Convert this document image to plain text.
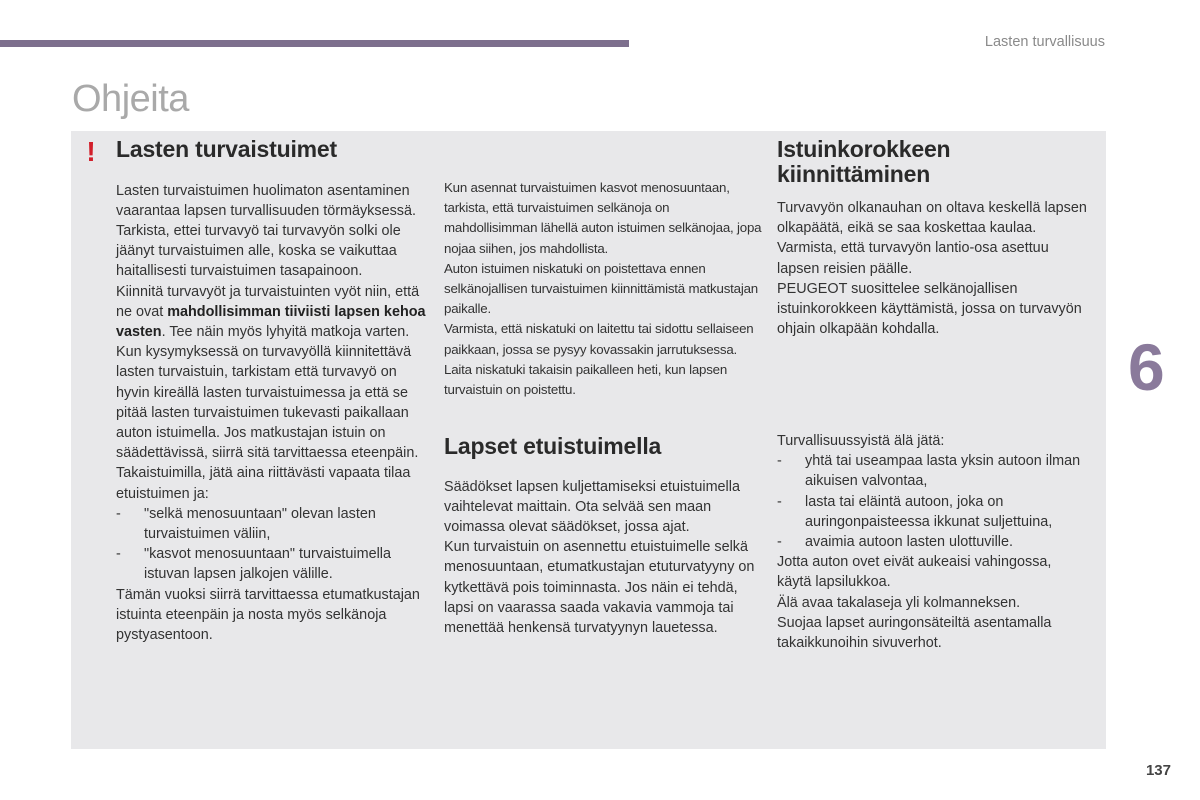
Lasten turvallisuus
Ohjeita
! Lasten turvaistuimet

Lasten turvaistuimen huolimaton asentaminen vaarantaa lapsen turvallisuuden törmäyksessä.

Tarkista, ettei turvavyö tai turvavyön solki ole jäänyt turvaistuimen alle, koska se vaikuttaa haitallisesti turvaistuimen tasapainoon.

Kiinnitä turvavyöt ja turvaistuinten vyöt niin, että ne ovat mahdollisimman tiiviisti lapsen kehoa vasten. Tee näin myös lyhyitä matkoja varten.

Kun kysymyksessä on turvavyöllä kiinnitettävä lasten turvaistuin, tarkistam että turvavyö on hyvin kireällä lasten turvaistuimessa ja että se pitää lasten turvaistuimen tukevasti paikallaan auton istuimella. Jos matkustajan istuin on säädettävissä, siirrä sitä tarvittaessa eteenpäin.

Takaistuimilla, jätä aina riittävästi vapaata tilaa etuistuimen ja:

- "selkä menosuuntaan" olevan lasten turvaistuimen väliin,
- "kasvot menosuuntaan" turvaistuimella istuvan lapsen jalkojen välille.

Tämän vuoksi siirrä tarvittaessa etumatkustajan istuinta eteenpäin ja nosta myös selkänoja pystyasentoon.

Kun asennat turvaistuimen kasvot menosuuntaan, tarkista, että turvaistuimen selkänoja on mahdollisimman lähellä auton istuimen selkänojaa, jopa nojaa siihen, jos mahdollista.

Auton istuimen niskatuki on poistettava ennen selkänojallisen turvaistuimen kiinnittämistä matkustajan paikalle.

Varmista, että niskatuki on laitettu tai sidottu sellaiseen paikkaan, jossa se pysyy kovassakin jarrutuksessa.

Laita niskatuki takaisin paikalleen heti, kun lapsen turvaistuin on poistettu.

Lapset etuistuimella

Säädökset lapsen kuljettamiseksi etuistuimella vaihtelevat maittain. Ota selvää sen maan voimassa olevat säädökset, jossa ajat.

Kun turvaistuin on asennettu etuistuimelle selkä menosuuntaan, etumatkustajan etuturvatyyny on kytkettävä pois toiminnasta. Jos näin ei tehdä, lapsi on vaarassa saada vakavia vammoja tai menettää henkensä turvatyynyn lauetessa.

Istuinkorokkeen kiinnittäminen

Turvavyön olkanauhan on oltava keskellä lapsen olkapäätä, eikä se saa koskettaa kaulaa.

Varmista, että turvavyön lantio-osa asettuu lapsen reisien päälle.

PEUGEOT suosittelee selkänojallisen istuinkorokkeen käyttämistä, jossa on turvavyön ohjain olkapään kohdalla.

Turvallisuussyistä älä jätä:

- yhtä tai useampaa lasta yksin autoon ilman aikuisen valvontaa,
- lasta tai eläintä autoon, joka on auringonpaisteessa ikkunat suljettuina,
- avaimia autoon lasten ulottuville.

Jotta auton ovet eivät aukeaisi vahingossa, käytä lapsilukkoa.

Älä avaa takalaseja yli kolmanneksen.

Suojaa lapset auringonsäteiltä asentamalla takaikkunoihin sivuverhot.

6
137
